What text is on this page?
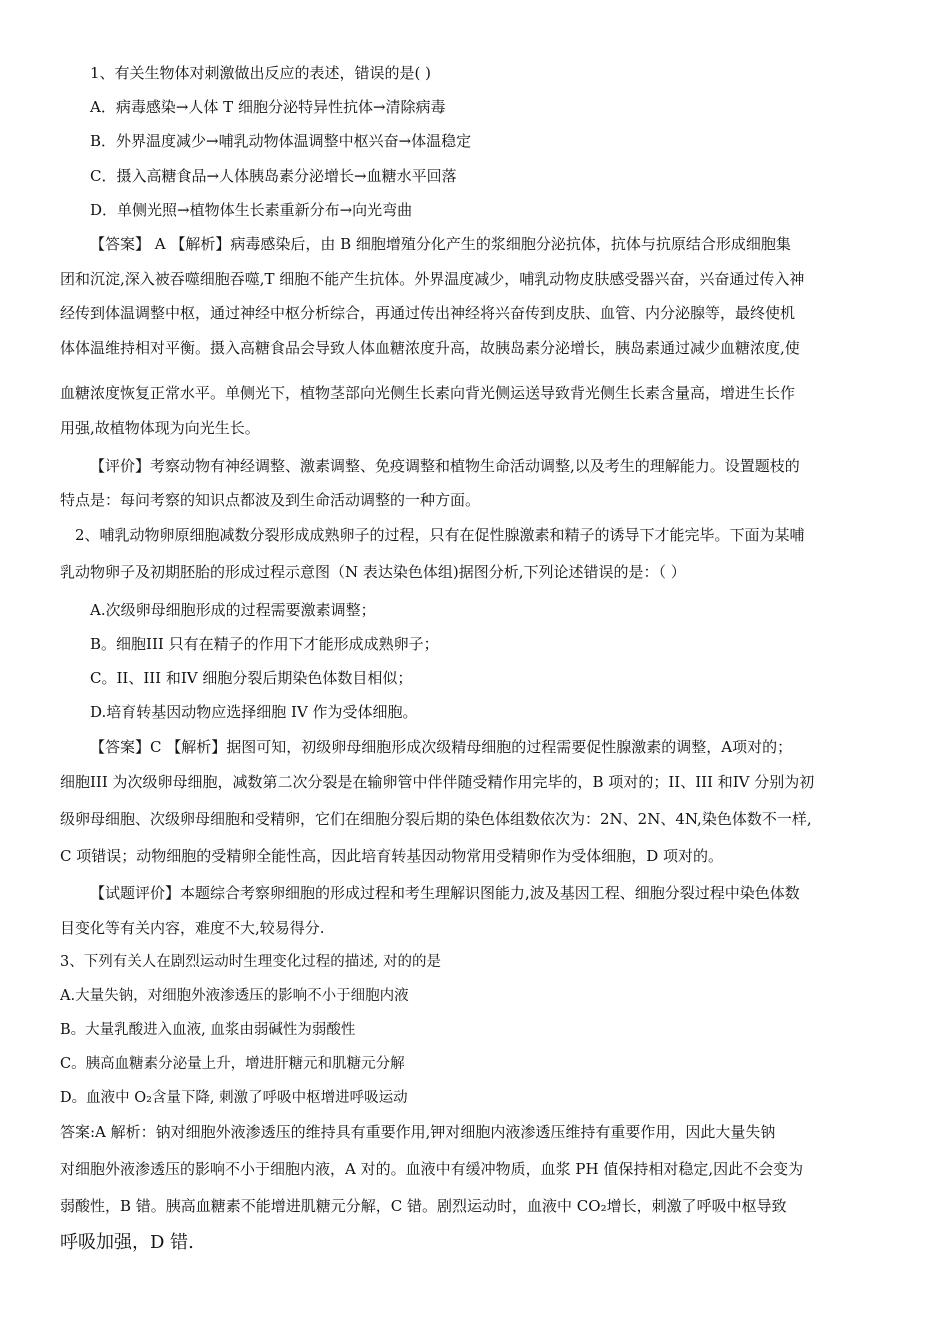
1、有关生物体对刺激做出反应的表述，错误的是( )
A．病毒感染→人体 T 细胞分泌特异性抗体→清除病毒
B．外界温度减少→哺乳动物体温调整中枢兴奋→体温稳定
C．摄入高糖食品→人体胰岛素分泌增长→血糖水平回落
D．单侧光照→植物体生长素重新分布→向光弯曲
【答案】 A 【解析】病毒感染后，由 B 细胞增殖分化产生的浆细胞分泌抗体，抗体与抗原结合形成细胞集
团和沉淀,深入被吞噬细胞吞噬,T 细胞不能产生抗体。外界温度减少，哺乳动物皮肤感受器兴奋，兴奋通过传入神
经传到体温调整中枢，通过神经中枢分析综合，再通过传出神经将兴奋传到皮肤、血管、内分泌腺等，最终使机
体体温维持相对平衡。摄入高糖食品会导致人体血糖浓度升高，故胰岛素分泌增长，胰岛素通过减少血糖浓度,使
血糖浓度恢复正常水平。单侧光下，植物茎部向光侧生长素向背光侧运送导致背光侧生长素含量高，增进生长作
用强,故植物体现为向光生长。
【评价】考察动物有神经调整、激素调整、免疫调整和植物生命活动调整,以及考生的理解能力。设置题枝的
特点是：每问考察的知识点都波及到生命活动调整的一种方面。
2、哺乳动物卵原细胞减数分裂形成成熟卵子的过程，只有在促性腺激素和精子的诱导下才能完毕。下面为某哺
乳动物卵子及初期胚胎的形成过程示意图（N 表达染色体组)据图分析,下列论述错误的是：（ ）
A.次级卵母细胞形成的过程需要激素调整；
B。细胞III 只有在精子的作用下才能形成成熟卵子；
C。II、III 和IV 细胞分裂后期染色体数目相似；
D.培育转基因动物应选择细胞 IV 作为受体细胞。
【答案】C 【解析】据图可知，初级卵母细胞形成次级精母细胞的过程需要促性腺激素的调整，A项对的；
细胞III 为次级卵母细胞，减数第二次分裂是在输卵管中伴伴随受精作用完毕的，B 项对的；II、III 和IV 分别为初
级卵母细胞、次级卵母细胞和受精卵，它们在细胞分裂后期的染色体组数依次为：2N、2N、4N,染色体数不一样,
C 项错误；动物细胞的受精卵全能性高，因此培育转基因动物常用受精卵作为受体细胞，D 项对的。
【试题评价】本题综合考察卵细胞的形成过程和考生理解识图能力,波及基因工程、细胞分裂过程中染色体数
目变化等有关内容，难度不大,较易得分.
3、下列有关人在剧烈运动时生理变化过程的描述, 对的的是
A.大量失钠，对细胞外液渗透压的影响不小于细胞内液
B。大量乳酸进入血液, 血浆由弱碱性为弱酸性
C。胰高血糖素分泌量上升，增进肝糖元和肌糖元分解
D。血液中 O₂含量下降, 刺激了呼吸中枢增进呼吸运动
答案:A 解析：钠对细胞外液渗透压的维持具有重要作用,钾对细胞内液渗透压维持有重要作用，因此大量失钠
对细胞外液渗透压的影响不小于细胞内液，A 对的。血液中有缓冲物质，血浆 PH 值保持相对稳定,因此不会变为
弱酸性，B 错。胰高血糖素不能增进肌糖元分解，C 错。剧烈运动时，血液中 CO₂增长，刺激了呼吸中枢导致
呼吸加强，D 错.
